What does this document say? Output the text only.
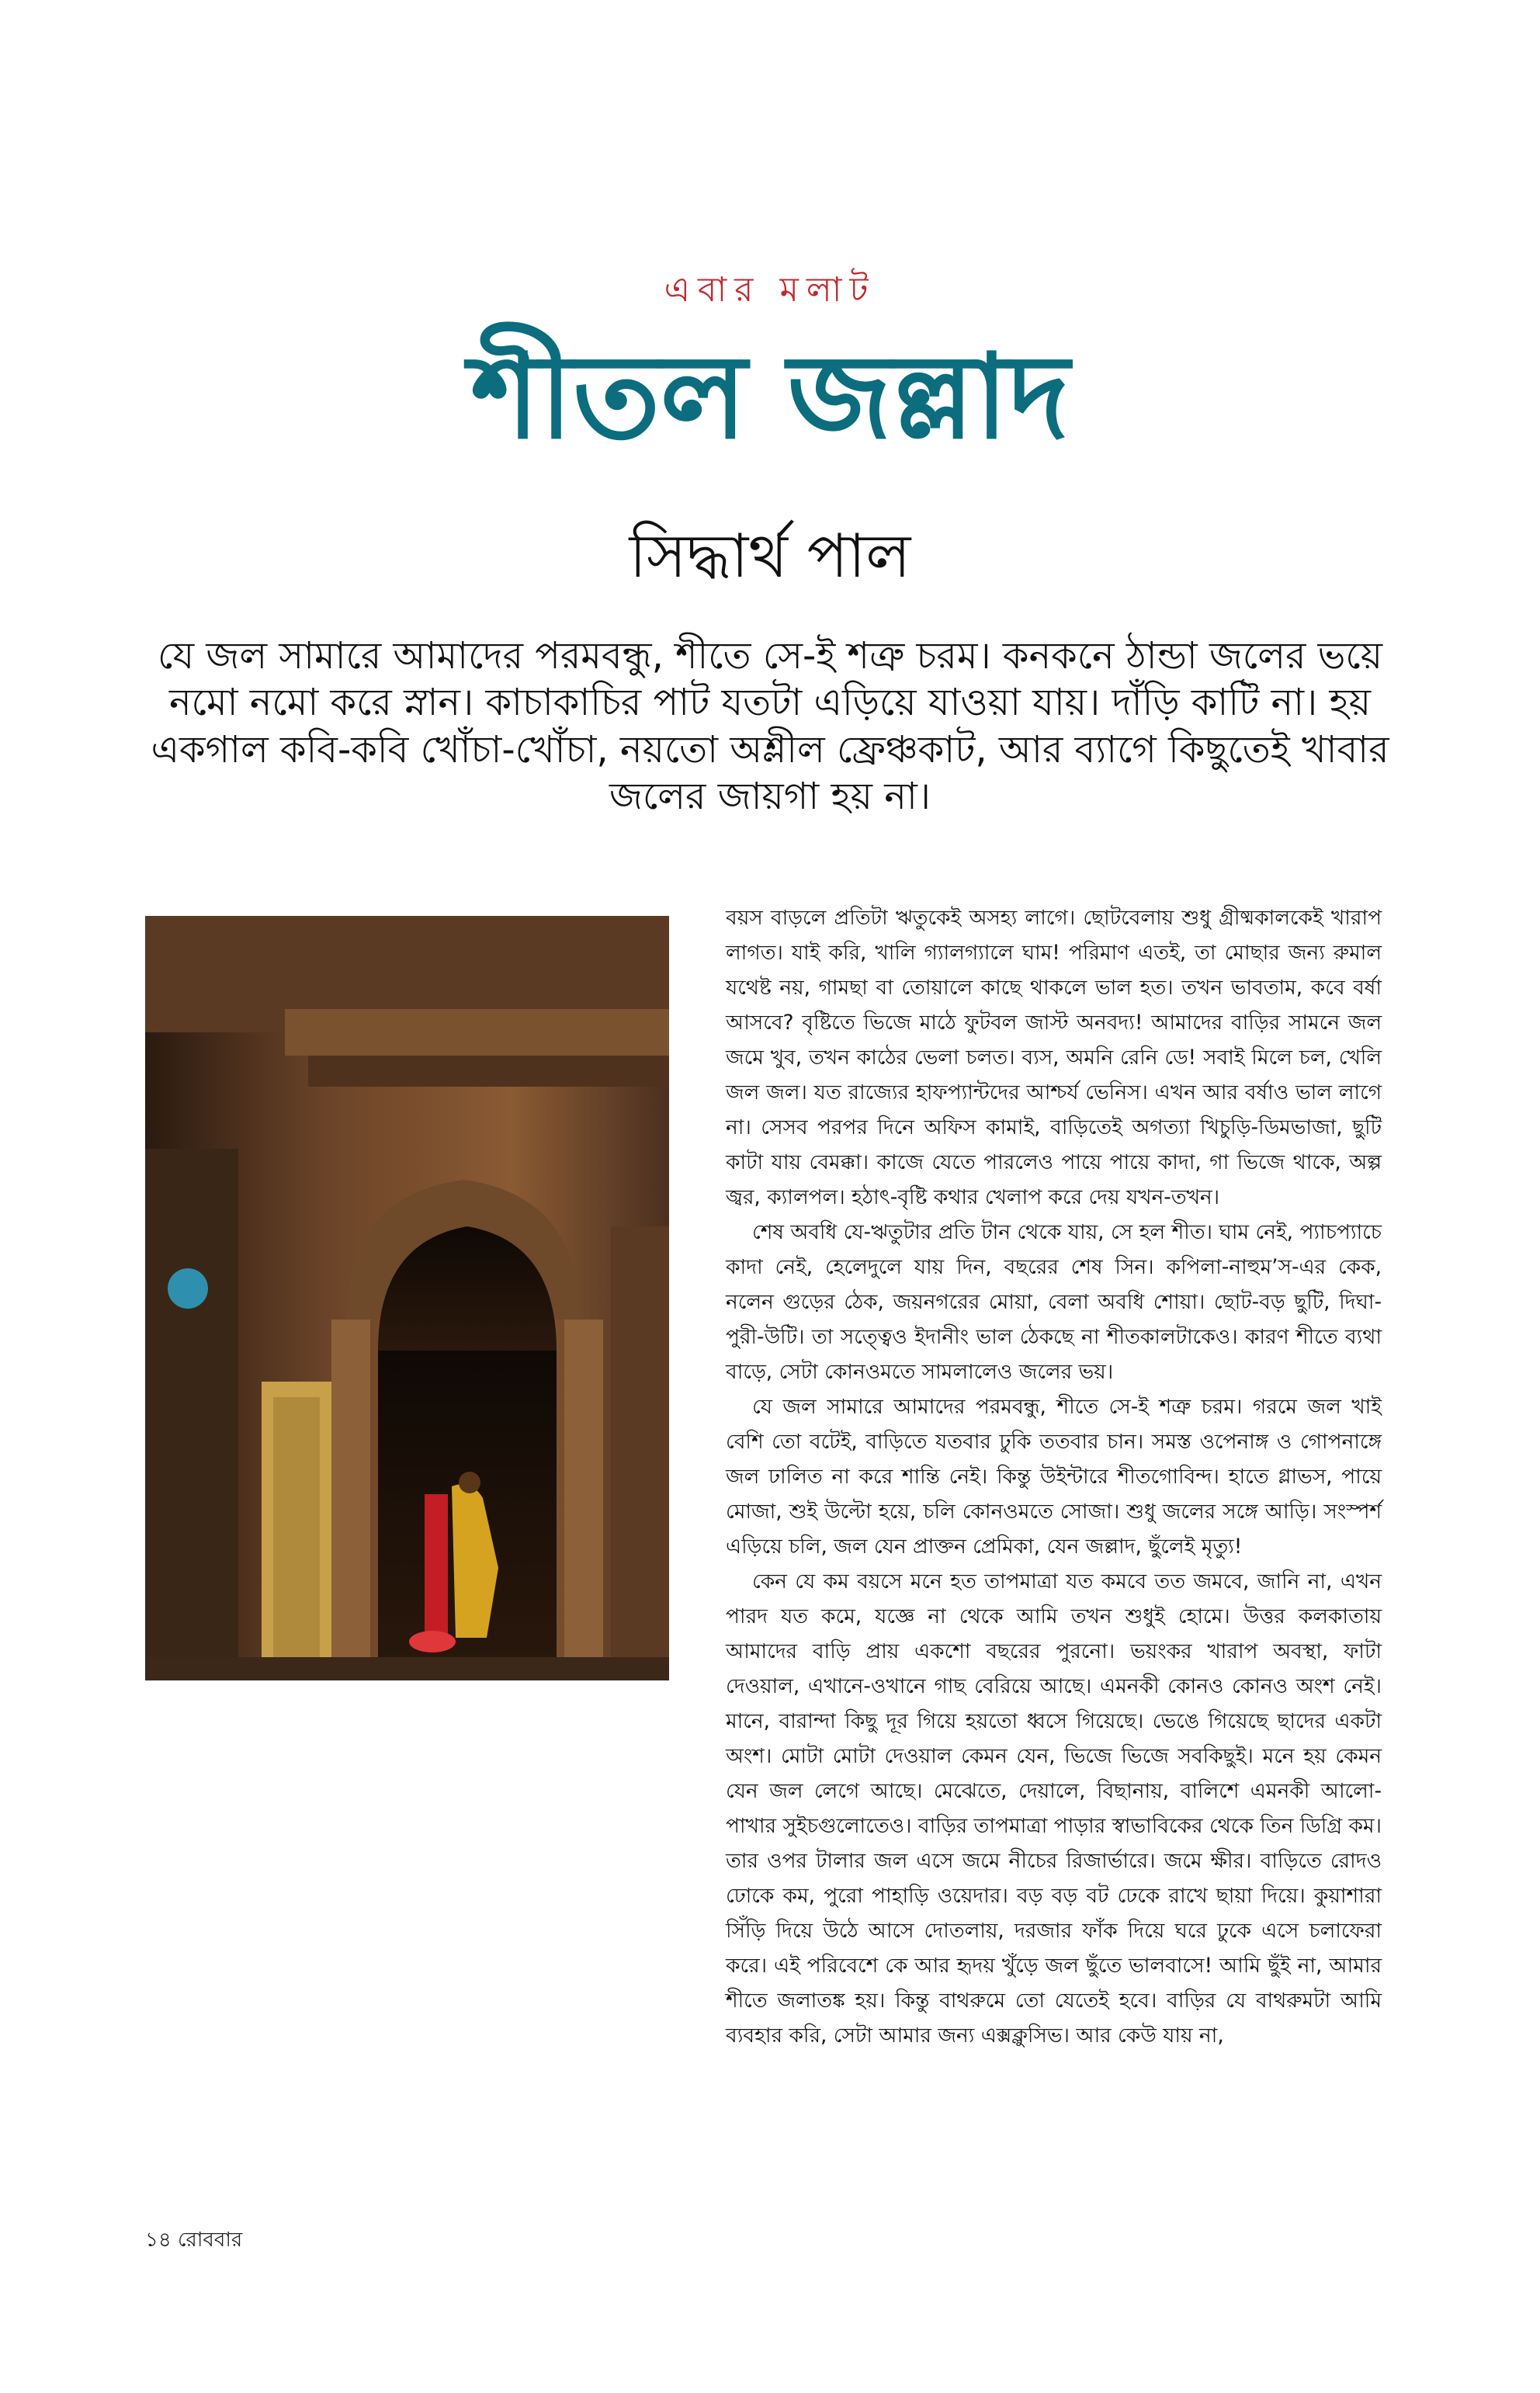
এবার মলাট
শীতল জল্লাদ
সিদ্ধার্থ পাল

যে জল সামারে আমাদের পরমবন্ধু, শীতে সে-ই শত্রু চরম। কনকনে ঠান্ডা জলের ভয়ে নমো নমো করে স্নান। কাচাকাচির পাট যতটা এড়িয়ে যাওয়া যায়। দাঁড়ি কাটি না। হয় একগাল কবি-কবি খোঁচা-খোঁচা, নয়তো অশ্লীল ফ্রেঞ্চকাট, আর ব্যাগে কিছুতেই খাবার জলের জায়গা হয় না।

বয়স বাড়লে প্রতিটা ঋতুকেই অসহ্য লাগে। ছোটবেলায় শুধু গ্রীষ্মকালকেই খারাপ লাগত। যাই করি, খালি গ্যালগ্যালে ঘাম! পরিমাণ এতই, তা মোছার জন্য রুমাল যথেষ্ট নয়, গামছা বা তোয়ালে কাছে থাকলে ভাল হত। তখন ভাবতাম, কবে বর্ষা আসবে? বৃষ্টিতে ভিজে মাঠে ফুটবল জাস্ট অনবদ্য! আমাদের বাড়ির সামনে জল জমে খুব, তখন কাঠের ভেলা চলত। ব্যস, অমনি রেনি ডে! সবাই মিলে চল, খেলি জল জল। যত রাজ্যের হাফপ্যান্টদের আশ্চর্য ভেনিস। এখন আর বর্ষাও ভাল লাগে না। সেসব পরপর দিনে অফিস কামাই, বাড়িতেই অগত্যা খিচুড়ি-ডিমভাজা, ছুটি কাটা যায় বেমক্কা। কাজে যেতে পারলেও পায়ে পায়ে কাদা, গা ভিজে থাকে, অল্প জ্বর, ক্যালপল। হঠাৎ-বৃষ্টি কথার খেলাপ করে দেয় যখন-তখন।

শেষ অবধি যে-ঋতুটার প্রতি টান থেকে যায়, সে হল শীত। ঘাম নেই, প্যাচপ্যাচে কাদা নেই, হেলেদুলে যায় দিন, বছরের শেষ সিন। কপিলা-নাহুম’স-এর কেক, নলেন গুড়ের ঠেক, জয়নগরের মোয়া, বেলা অবধি শোয়া। ছোট-বড় ছুটি, দিঘা-পুরী-উটি। তা সত্ত্বেও ইদানীং ভাল ঠেকছে না শীতকালটাকেও। কারণ শীতে ব্যথা বাড়ে, সেটা কোনওমতে সামলালেও জলের ভয়।

যে জল সামারে আমাদের পরমবন্ধু, শীতে সে-ই শত্রু চরম। গরমে জল খাই বেশি তো বটেই, বাড়িতে যতবার ঢুকি ততবার চান। সমস্ত ওপেনাঙ্গ ও গোপনাঙ্গে জল ঢালিত না করে শান্তি নেই। কিন্তু উইন্টারে শীতগোবিন্দ। হাতে গ্লাভস, পায়ে মোজা, শুই উল্টো হয়ে, চলি কোনওমতে সোজা। শুধু জলের সঙ্গে আড়ি। সংস্পর্শ এড়িয়ে চলি, জল যেন প্রাক্তন প্রেমিকা, যেন জল্লাদ, ছুঁলেই মৃত্যু!

কেন যে কম বয়সে মনে হত তাপমাত্রা যত কমবে তত জমবে, জানি না, এখন পারদ যত কমে, যজ্ঞে না থেকে আমি তখন শুধুই হোমে। উত্তর কলকাতায় আমাদের বাড়ি প্রায় একশো বছরের পুরনো। ভয়ংকর খারাপ অবস্থা, ফাটা দেওয়াল, এখানে-ওখানে গাছ বেরিয়ে আছে। এমনকী কোনও কোনও অংশ নেই। মানে, বারান্দা কিছু দূর গিয়ে হয়তো ধ্বসে গিয়েছে। ভেঙে গিয়েছে ছাদের একটা অংশ। মোটা মোটা দেওয়াল কেমন যেন, ভিজে ভিজে সবকিছুই। মনে হয় কেমন যেন জল লেগে আছে। মেঝেতে, দেয়ালে, বিছানায়, বালিশে এমনকী আলো-পাখার সুইচগুলোতেও। বাড়ির তাপমাত্রা পাড়ার স্বাভাবিকের থেকে তিন ডিগ্রি কম। তার ওপর টালার জল এসে জমে নীচের রিজার্ভারে। জমে ক্ষীর। বাড়িতে রোদও ঢোকে কম, পুরো পাহাড়ি ওয়েদার। বড় বড় বট ঢেকে রাখে ছায়া দিয়ে। কুয়াশারা সিঁড়ি দিয়ে উঠে আসে দোতলায়, দরজার ফাঁক দিয়ে ঘরে ঢুকে এসে চলাফেরা করে। এই পরিবেশে কে আর হৃদয় খুঁড়ে জল ছুঁতে ভালবাসে! আমি ছুঁই না, আমার শীতে জলাতঙ্ক হয়। কিন্তু বাথরুমে তো যেতেই হবে। বাড়ির যে বাথরুমটা আমি ব্যবহার করি, সেটা আমার জন্য এক্সক্লুসিভ। আর কেউ যায় না,

১৪ রোববার
